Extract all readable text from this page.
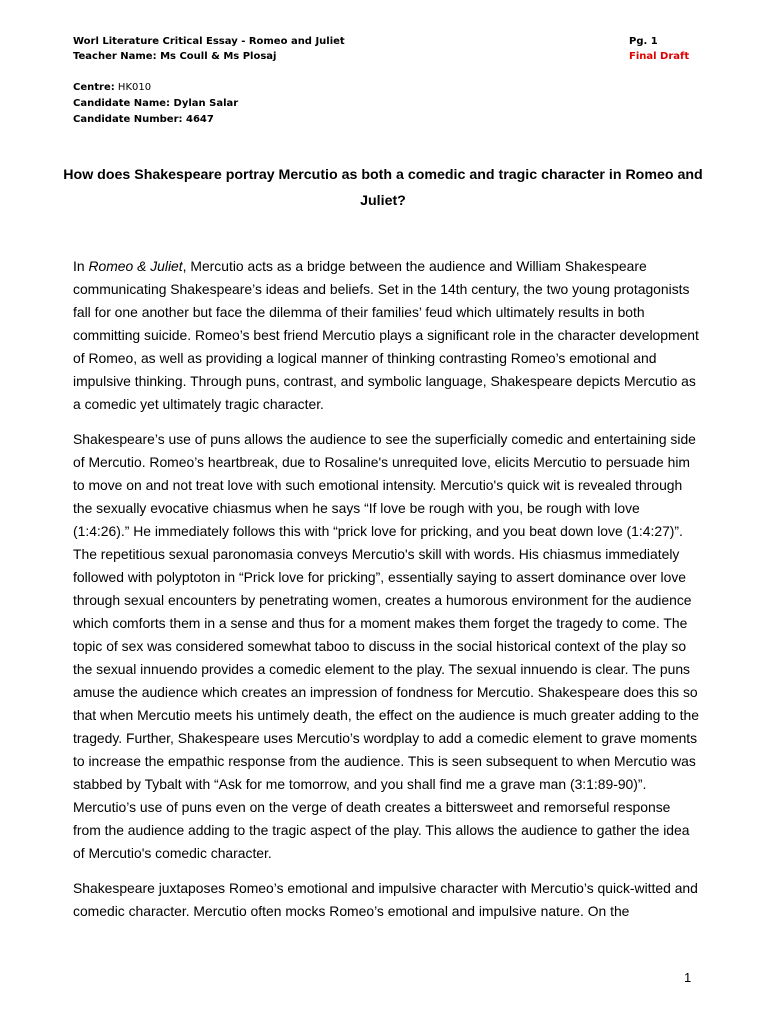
Worl Literature Critical Essay - Romeo and Juliet
Teacher Name: Ms Coull & Ms Plosaj
Pg. 1
Final Draft
Centre: HK010
Candidate Name: Dylan Salar
Candidate Number: 4647
How does Shakespeare portray Mercutio as both a comedic and tragic character in Romeo and Juliet?

In Romeo & Juliet, Mercutio acts as a bridge between the audience and William Shakespeare communicating Shakespeare’s ideas and beliefs. Set in the 14th century, the two young protagonists fall for one another but face the dilemma of their families’ feud which ultimately results in both committing suicide. Romeo’s best friend Mercutio plays a significant role in the character development of Romeo, as well as providing a logical manner of thinking contrasting Romeo’s emotional and impulsive thinking. Through puns, contrast, and symbolic language, Shakespeare depicts Mercutio as a comedic yet ultimately tragic character.

Shakespeare’s use of puns allows the audience to see the superficially comedic and entertaining side of Mercutio. Romeo’s heartbreak, due to Rosaline's unrequited love, elicits Mercutio to persuade him to move on and not treat love with such emotional intensity. Mercutio's quick wit is revealed through the sexually evocative chiasmus when he says “If love be rough with you, be rough with love (1:4:26).” He immediately follows this with “prick love for pricking, and you beat down love (1:4:27)”. The repetitious sexual paronomasia conveys Mercutio's skill with words. His chiasmus immediately followed with polyptoton in “Prick love for pricking”, essentially saying to assert dominance over love through sexual encounters by penetrating women, creates a humorous environment for the audience which comforts them in a sense and thus for a moment makes them forget the tragedy to come. The topic of sex was considered somewhat taboo to discuss in the social historical context of the play so the sexual innuendo provides a comedic element to the play. The sexual innuendo is clear. The puns amuse the audience which creates an impression of fondness for Mercutio. Shakespeare does this so that when Mercutio meets his untimely death, the effect on the audience is much greater adding to the tragedy. Further, Shakespeare uses Mercutio’s wordplay to add a comedic element to grave moments to increase the empathic response from the audience. This is seen subsequent to when Mercutio was stabbed by Tybalt with “Ask for me tomorrow, and you shall find me a grave man (3:1:89-90)”. Mercutio’s use of puns even on the verge of death creates a bittersweet and remorseful response from the audience adding to the tragic aspect of the play. This allows the audience to gather the idea of Mercutio's comedic character.

Shakespeare juxtaposes Romeo’s emotional and impulsive character with Mercutio’s quick-witted and comedic character. Mercutio often mocks Romeo’s emotional and impulsive nature. On the

1
